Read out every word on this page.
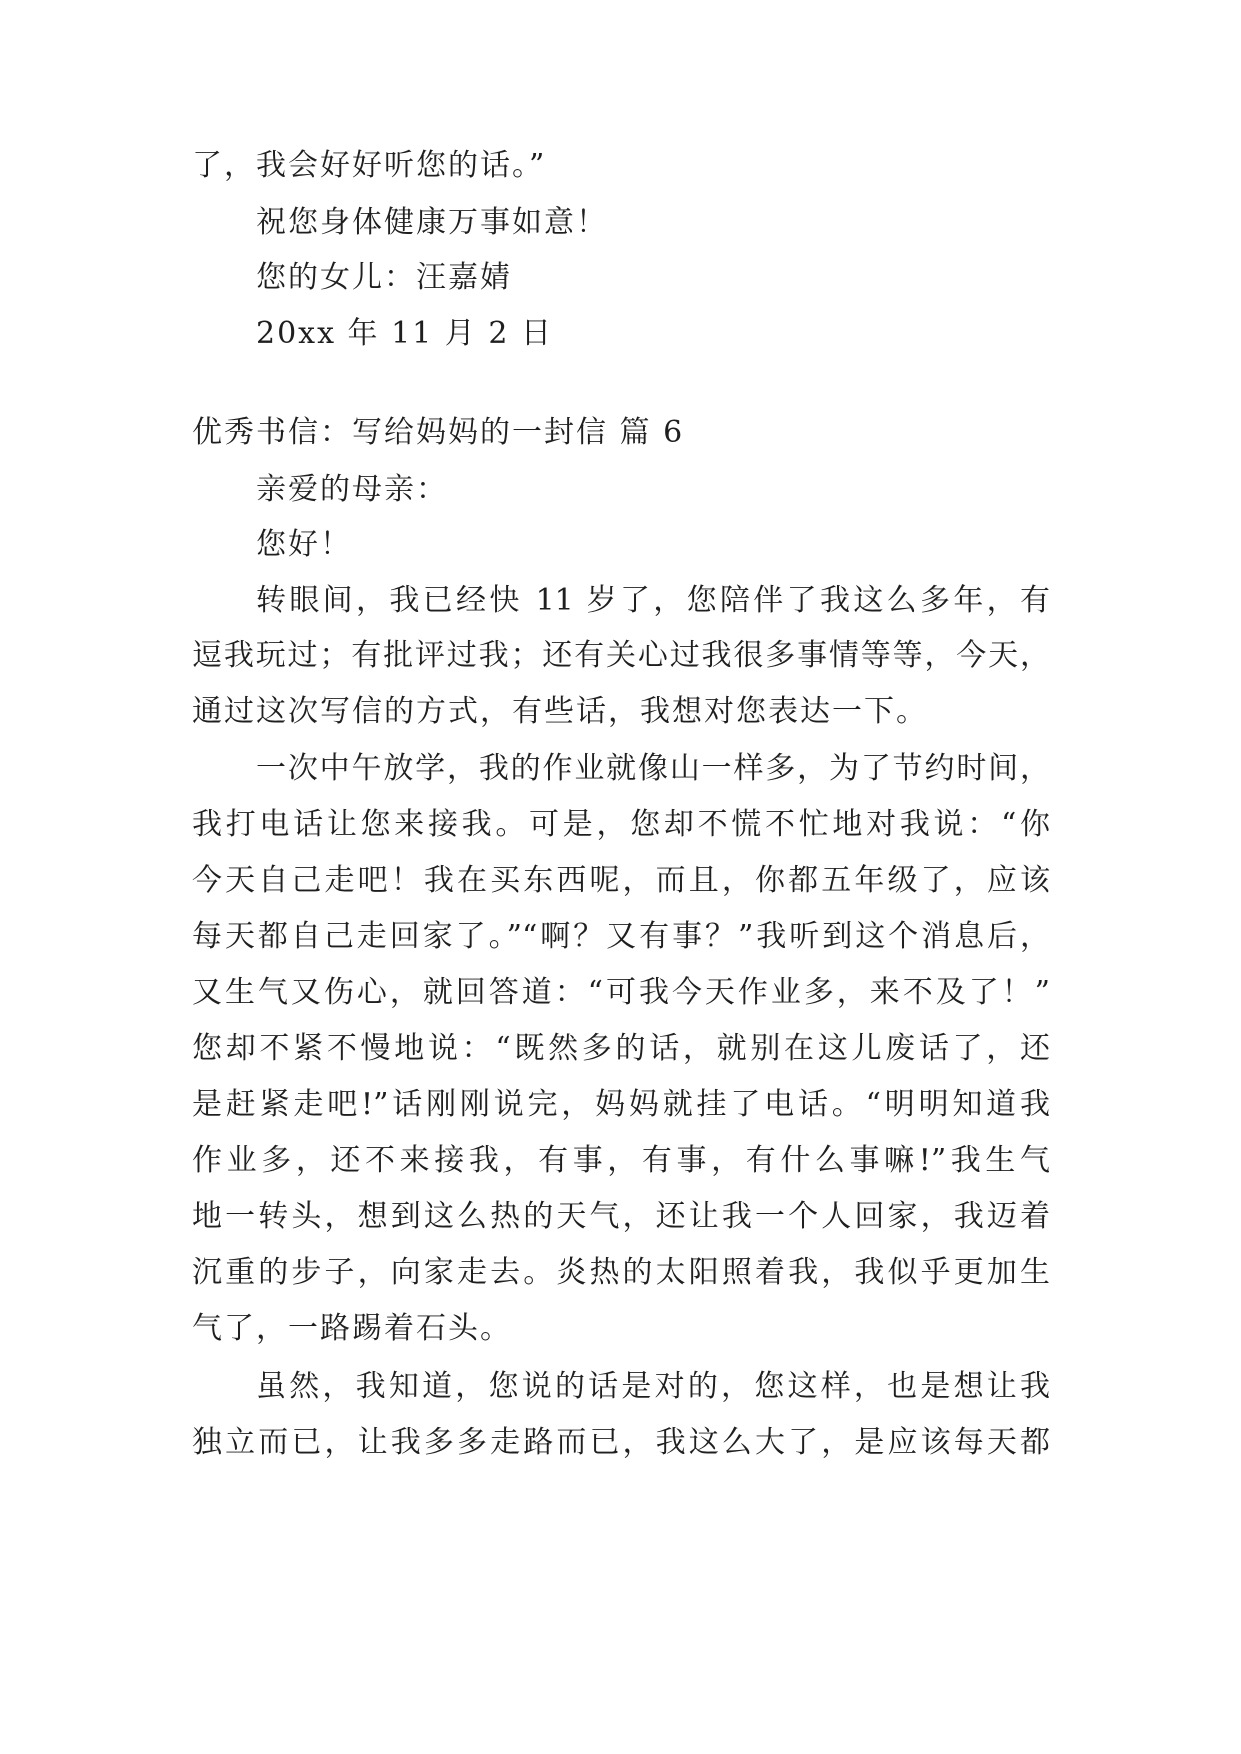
了，我会好好听您的话。”
祝您身体健康万事如意！
您的女儿：汪嘉婧
20xx 年 11 月 2 日
优秀书信：写给妈妈的一封信 篇 6
亲爱的母亲：
您好！
转眼间，我已经快 11 岁了，您陪伴了我这么多年，有
逗我玩过；有批评过我；还有关心过我很多事情等等，今天，
通过这次写信的方式，有些话，我想对您表达一下。
一次中午放学，我的作业就像山一样多，为了节约时间，
我打电话让您来接我。可是，您却不慌不忙地对我说：“你
今天自己走吧！我在买东西呢，而且，你都五年级了，应该
每天都自己走回家了。”“啊？又有事？”我听到这个消息后，
又生气又伤心，就回答道：“可我今天作业多，来不及了！”
您却不紧不慢地说：“既然多的话，就别在这儿废话了，还
是赶紧走吧!”话刚刚说完，妈妈就挂了电话。“明明知道我
作业多，还不来接我，有事，有事，有什么事嘛!”我生气
地一转头，想到这么热的天气，还让我一个人回家，我迈着
沉重的步子，向家走去。炎热的太阳照着我，我似乎更加生
气了，一路踢着石头。
虽然，我知道，您说的话是对的，您这样，也是想让我
独立而已，让我多多走路而已，我这么大了，是应该每天都
